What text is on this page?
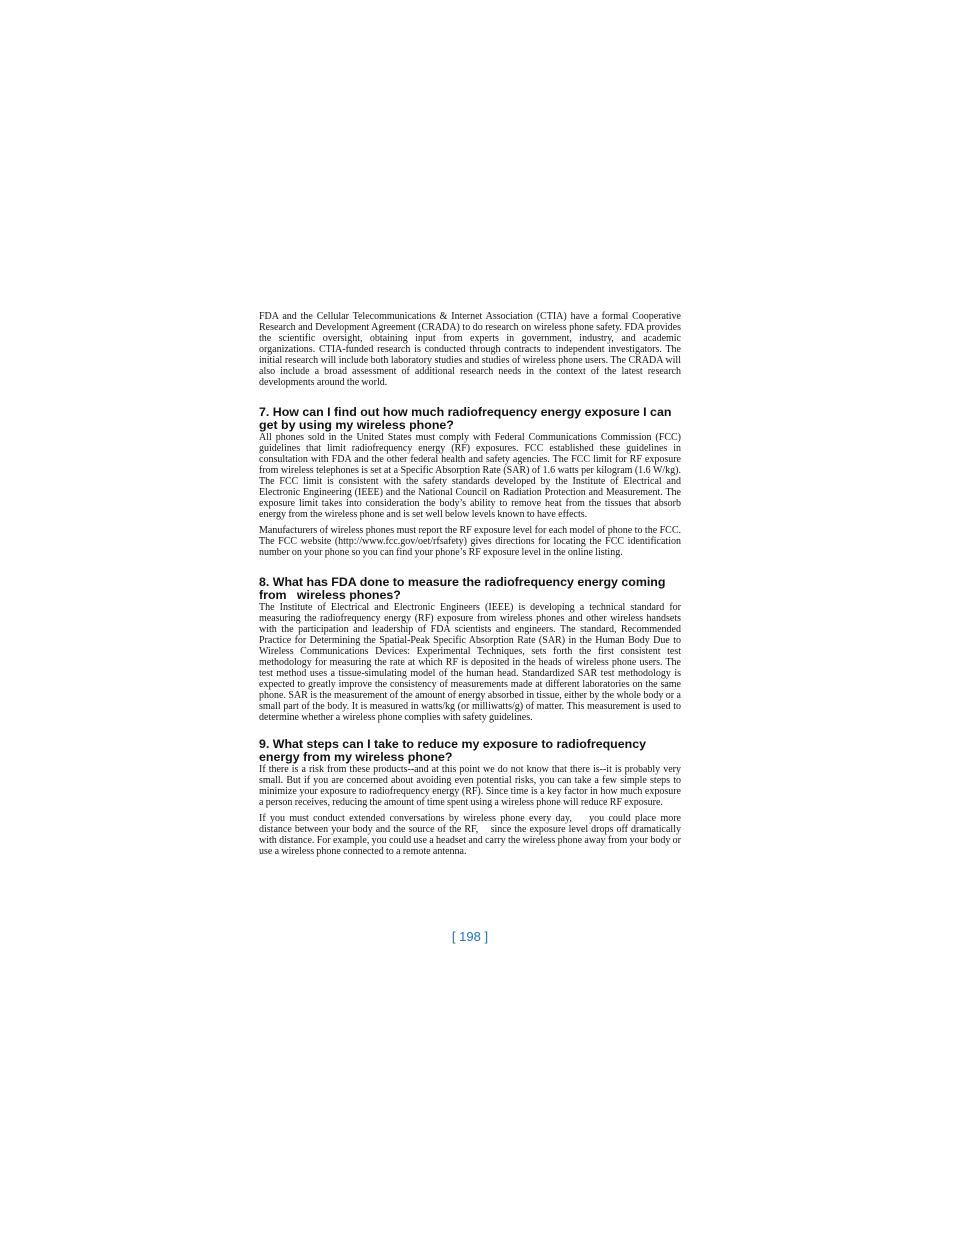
FDA and the Cellular Telecommunications & Internet Association (CTIA) have a formal Cooperative Research and Development Agreement (CRADA) to do research on wireless phone safety. FDA provides the scientific oversight, obtaining input from experts in government, industry, and academic organizations. CTIA-funded research is conducted through contracts to independent investigators. The initial research will include both laboratory studies and studies of wireless phone users. The CRADA will also include a broad assessment of additional research needs in the context of the latest research developments around the world.

7. How can I find out how much radiofrequency energy exposure I can get by using my wireless phone?

All phones sold in the United States must comply with Federal Communications Commission (FCC) guidelines that limit radiofrequency energy (RF) exposures. FCC established these guidelines in consultation with FDA and the other federal health and safety agencies. The FCC limit for RF exposure from wireless telephones is set at a Specific Absorption Rate (SAR) of 1.6 watts per kilogram (1.6 W/kg). The FCC limit is consistent with the safety standards developed by the Institute of Electrical and Electronic Engineering (IEEE) and the National Council on Radiation Protection and Measurement. The exposure limit takes into consideration the body’s ability to remove heat from the tissues that absorb energy from the wireless phone and is set well below levels known to have effects.

Manufacturers of wireless phones must report the RF exposure level for each model of phone to the FCC. The FCC website (http://www.fcc.gov/oet/rfsafety) gives directions for locating the FCC identification number on your phone so you can find your phone’s RF exposure level in the online listing.

8. What has FDA done to measure the radiofrequency energy coming from   wireless phones?

The Institute of Electrical and Electronic Engineers (IEEE) is developing a technical standard for measuring the radiofrequency energy (RF) exposure from wireless phones and other wireless handsets with the participation and leadership of FDA scientists and engineers. The standard, Recommended Practice for Determining the Spatial-Peak Specific Absorption Rate (SAR) in the Human Body Due to Wireless Communications Devices: Experimental Techniques, sets forth the first consistent test methodology for measuring the rate at which RF is deposited in the heads of wireless phone users. The test method uses a tissue-simulating model of the human head. Standardized SAR test methodology is expected to greatly improve the consistency of measurements made at different laboratories on the same phone. SAR is the measurement of the amount of energy absorbed in tissue, either by the whole body or a small part of the body. It is measured in watts/kg (or milliwatts/g) of matter. This measurement is used to determine whether a wireless phone complies with safety guidelines.

9. What steps can I take to reduce my exposure to radiofrequency energy from my wireless phone?

If there is a risk from these products--and at this point we do not know that there is--it is probably very small. But if you are concerned about avoiding even potential risks, you can take a few simple steps to minimize your exposure to radiofrequency energy (RF). Since time is a key factor in how much exposure a person receives, reducing the amount of time spent using a wireless phone will reduce RF exposure.

If you must conduct extended conversations by wireless phone every day,    you could place more distance between your body and the source of the RF,    since the exposure level drops off dramatically with distance. For example, you could use a headset and carry the wireless phone away from your body or use a wireless phone connected to a remote antenna.

[ 198 ]
